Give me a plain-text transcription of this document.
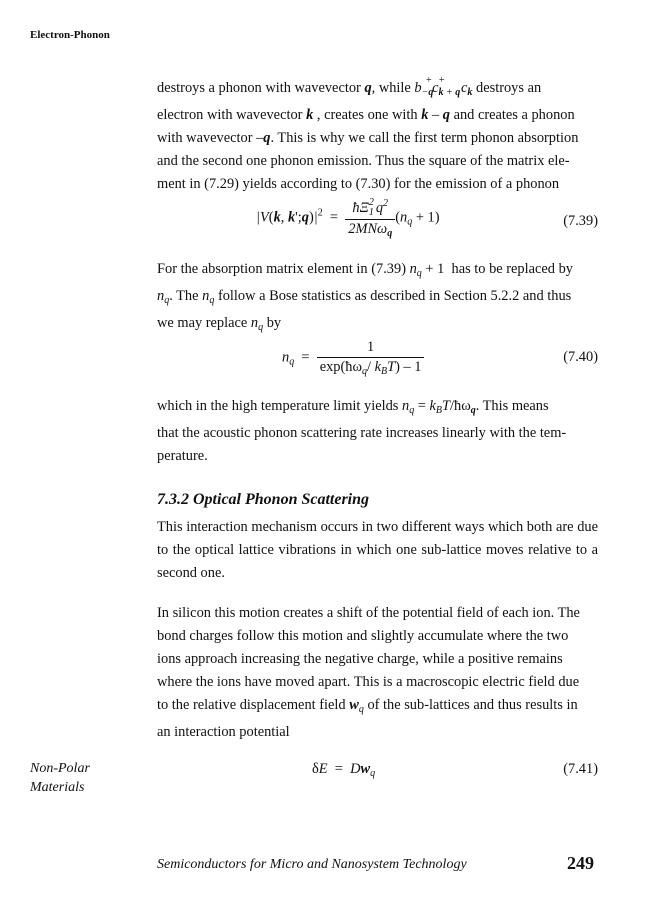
Electron-Phonon

destroys a phonon with wavevector q, while $b_{-q}^+c_{k + q}^+$ $c_k$ destroys an

electron with wavevector k , creates one with k – q and creates a phonon

with wavevector –q. This is why we call the first term phonon absorption

and the second one phonon emission. Thus the square of the matrix ele-

ment in (7.29) yields according to (7.30) for the emission of a phonon

|V(k, $k';q)|^2 = \frac{ħ\Xi_1^2 q^2}{2MN\omega_q} (n_q + 1)$	(7.39)

For the absorption matrix element in (7.39) $n_q + 1$  has to be replaced by

$n_q$. The $n_q$ follow a Bose statistics as described in Section 5.2.2 and thus

we may replace $n_q$ by

$n_q = \frac{1}{\exp(ħ\omega_q/ k_BT) - 1}$	(7.40)

which in the high temperature limit yields $n_q$ = $k_BT/ħ\omega_q$. This means

that the acoustic phonon scattering rate increases linearly with the tem-

perature.

7.3.2 Optical Phonon Scattering
This interaction mechanism occurs in two different ways which both are due to the optical lattice vibrations in which one sub-lattice moves relative to a second one.

In silicon this motion creates a shift of the potential field of each ion. The

bond charges follow this motion and slightly accumulate where the two

ions approach increasing the negative charge, while a positive remains

where the ions have moved apart. This is a macroscopic electric field due

to the relative displacement field $w_q$ of the sub-lattices and thus results in

an interaction potential

Non-Polar Materials
$\delta E = Dw_q$	(7.41)
Semiconductors for Micro and Nanosystem Technology	249
